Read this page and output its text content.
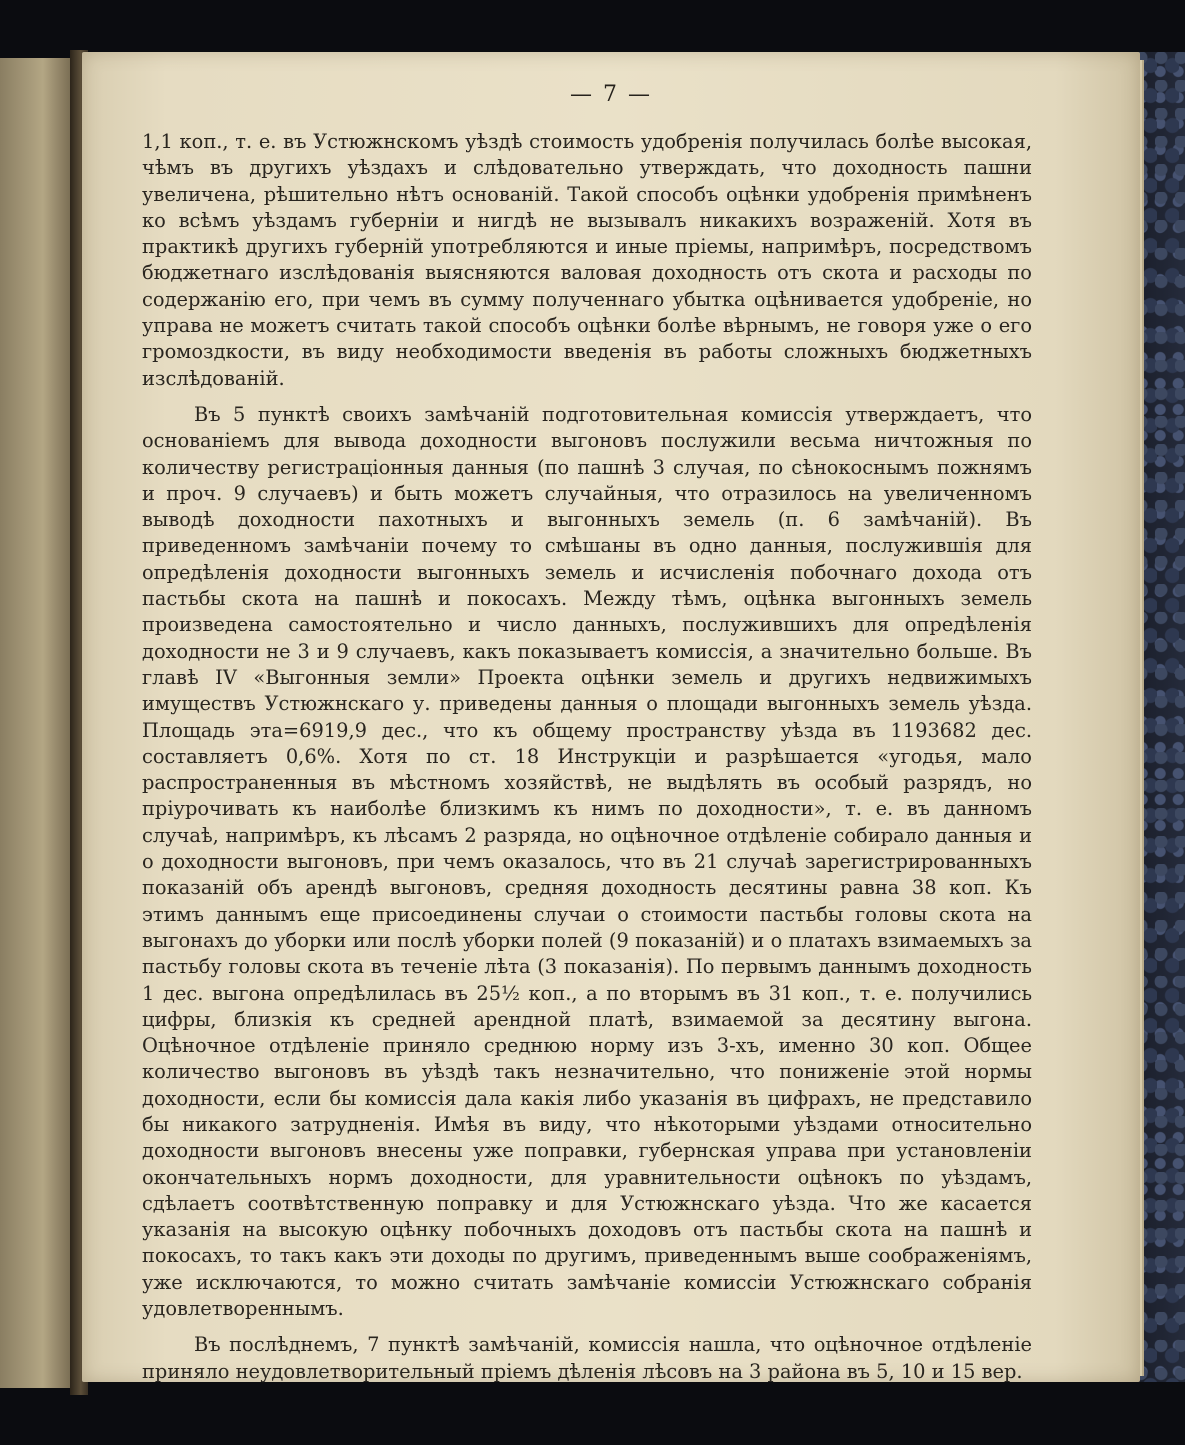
— 7 —

1,1 коп., т. е. въ Устюжнскомъ уѣздѣ стоимость удобренія получилась болѣе высокая, чѣмъ въ другихъ уѣздахъ и слѣдовательно утверждать, что доходность пашни увеличена, рѣшительно нѣтъ основаній. Такой способъ оцѣнки удобренія примѣненъ ко всѣмъ уѣздамъ губерніи и нигдѣ не вызывалъ никакихъ возраженій. Хотя въ практикѣ другихъ губерній употребляются и иные пріемы, напримѣръ, посредствомъ бюджетнаго изслѣдованія выясняются валовая доходность отъ скота и расходы по содержанію его, при чемъ въ сумму полученнаго убытка оцѣнивается удобреніе, но управа не можетъ считать такой способъ оцѣнки болѣе вѣрнымъ, не говоря уже о его громоздкости, въ виду необходимости введенія въ работы сложныхъ бюджетныхъ изслѣдованій.

Въ 5 пунктѣ своихъ замѣчаній подготовительная комиссія утверждаетъ, что основаніемъ для вывода доходности выгоновъ послужили весьма ничтожныя по количеству регистраціонныя данныя (по пашнѣ 3 случая, по сѣнокоснымъ пожнямъ и проч. 9 случаевъ) и быть можетъ случайныя, что отразилось на увеличенномъ выводѣ доходности пахотныхъ и выгонныхъ земель (п. 6 замѣчаній). Въ приведенномъ замѣчаніи почему то смѣшаны въ одно данныя, послужившія для опредѣленія доходности выгонныхъ земель и исчисленія побочнаго дохода отъ пастьбы скота на пашнѣ и покосахъ. Между тѣмъ, оцѣнка выгонныхъ земель произведена самостоятельно и число данныхъ, послужившихъ для опредѣленія доходности не 3 и 9 случаевъ, какъ показываетъ комиссія, а значительно больше. Въ главѣ IV «Выгонныя земли» Проекта оцѣнки земель и другихъ недвижимыхъ имуществъ Устюжнскаго у. приведены данныя о площади выгонныхъ земель уѣзда. Площадь эта=6919,9 дес., что къ общему пространству уѣзда въ 1193682 дес. составляетъ 0,6%. Хотя по ст. 18 Инструкціи и разрѣшается «угодья, мало распространенныя въ мѣстномъ хозяйствѣ, не выдѣлять въ особый разрядъ, но пріурочивать къ наиболѣе близкимъ къ нимъ по доходности», т. е. въ данномъ случаѣ, напримѣръ, къ лѣсамъ 2 разряда, но оцѣночное отдѣленіе собирало данныя и о доходности выгоновъ, при чемъ оказалось, что въ 21 случаѣ зарегистрированныхъ показаній объ арендѣ выгоновъ, средняя доходность десятины равна 38 коп. Къ этимъ даннымъ еще присоединены случаи о стоимости пастьбы головы скота на выгонахъ до уборки или послѣ уборки полей (9 показаній) и о платахъ взимаемыхъ за пастьбу головы скота въ теченіе лѣта (3 показанія). По первымъ даннымъ доходность 1 дес. выгона опредѣлилась въ 25½ коп., а по вторымъ въ 31 коп., т. е. получились цифры, близкія къ средней арендной платѣ, взимаемой за десятину выгона. Оцѣночное отдѣленіе приняло среднюю норму изъ 3-хъ, именно 30 коп. Общее количество выгоновъ въ уѣздѣ такъ незначительно, что пониженіе этой нормы доходности, если бы комиссія дала какія либо указанія въ цифрахъ, не представило бы никакого затрудненія. Имѣя въ виду, что нѣкоторыми уѣздами относительно доходности выгоновъ внесены уже поправки, губернская управа при установленіи окончательныхъ нормъ доходности, для уравнительности оцѣнокъ по уѣздамъ, сдѣлаетъ соотвѣтственную поправку и для Устюжнскаго уѣзда. Что же касается указанія на высокую оцѣнку побочныхъ доходовъ отъ пастьбы скота на пашнѣ и покосахъ, то такъ какъ эти доходы по другимъ, приведеннымъ выше соображеніямъ, уже исключаются, то можно считать замѣчаніе комиссіи Устюжнскаго собранія удовлетвореннымъ.

Въ послѣднемъ, 7 пунктѣ замѣчаній, комиссія нашла, что оцѣночное отдѣленіе приняло неудовлетворительный пріемъ дѣленія лѣсовъ на 3 района въ 5, 10 и 15 вер.
